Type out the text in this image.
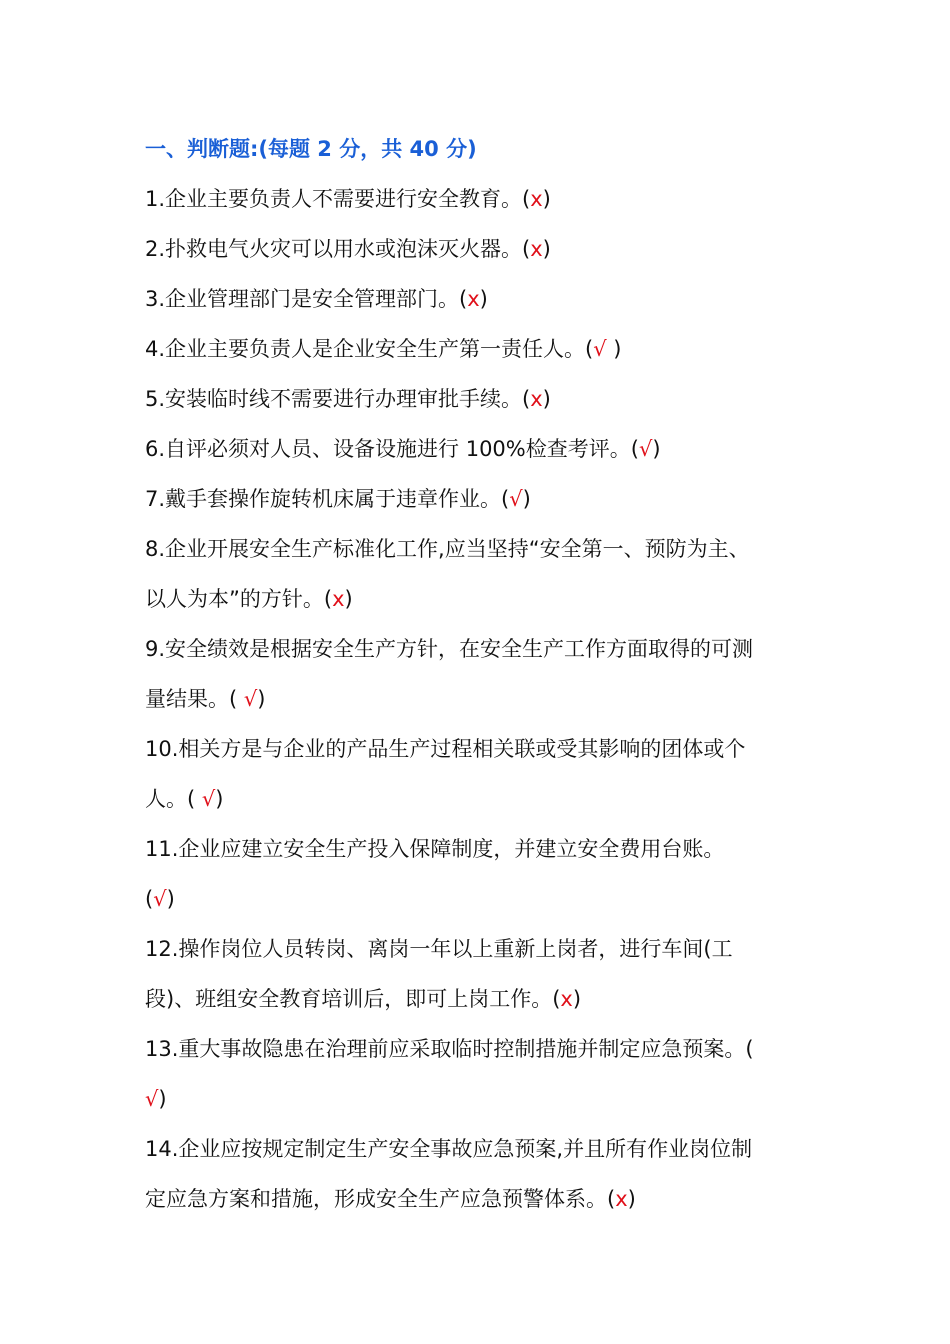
一、判断题:(每题 2 分，共 40 分)
1.企业主要负责人不需要进行安全教育。(x)
2.扑救电气火灾可以用水或泡沫灭火器。(x)
3.企业管理部门是安全管理部门。(x)
4.企业主要负责人是企业安全生产第一责任人。(√ )
5.安装临时线不需要进行办理审批手续。(x)
6.自评必须对人员、设备设施进行 100%检查考评。(√)
7.戴手套操作旋转机床属于违章作业。(√)
8.企业开展安全生产标准化工作,应当坚持“安全第一、预防为主、
以人为本”的方针。(x)
9.安全绩效是根据安全生产方针，在安全生产工作方面取得的可测
量结果。( √)
10.相关方是与企业的产品生产过程相关联或受其影响的团体或个
人。( √)
11.企业应建立安全生产投入保障制度，并建立安全费用台账。
(√)
12.操作岗位人员转岗、离岗一年以上重新上岗者，进行车间(工
段)、班组安全教育培训后，即可上岗工作。(x)
13.重大事故隐患在治理前应采取临时控制措施并制定应急预案。(
√)
14.企业应按规定制定生产安全事故应急预案,并且所有作业岗位制
定应急方案和措施，形成安全生产应急预警体系。(x)
